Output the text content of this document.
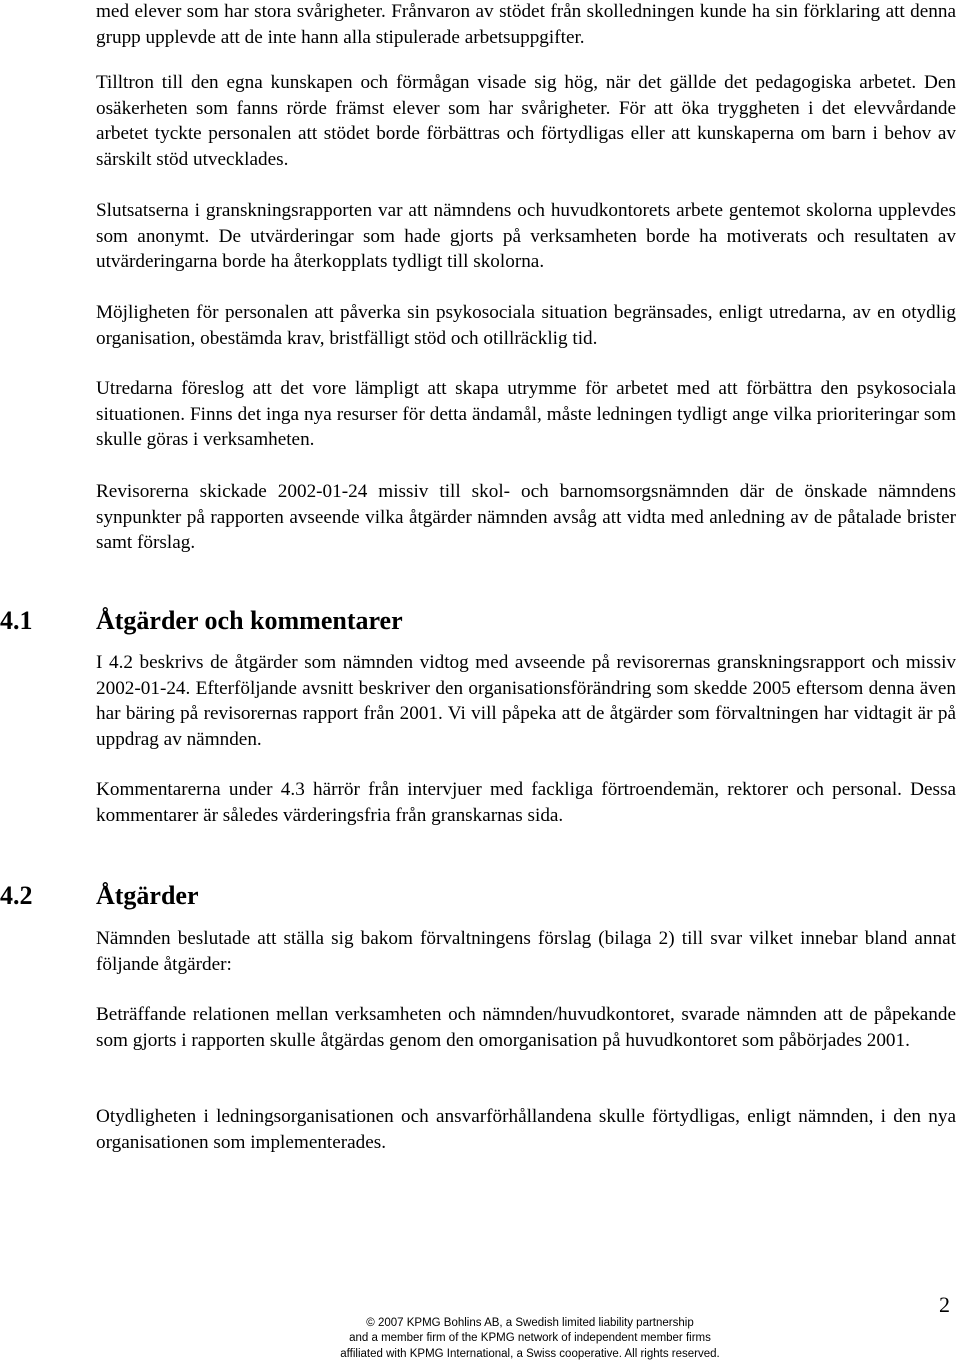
med elever som har stora svårigheter. Frånvaron av stödet från skolledningen kunde ha sin förklaring att denna grupp upplevde att de inte hann alla stipulerade arbetsuppgifter.

Tilltron till den egna kunskapen och förmågan visade sig hög, när det gällde det pedagogiska arbetet. Den osäkerheten som fanns rörde främst elever som har svårigheter. För att öka tryggheten i det elevvårdande arbetet tyckte personalen att stödet borde förbättras och förtydligas eller att kunskaperna om barn i behov av särskilt stöd utvecklades.

Slutsatserna i granskningsrapporten var att nämndens och huvudkontorets arbete gentemot skolorna upplevdes som anonymt. De utvärderingar som hade gjorts på verksamheten borde ha motiverats och resultaten av utvärderingarna borde ha återkopplats tydligt till skolorna.

Möjligheten för personalen att påverka sin psykosociala situation begränsades, enligt utredarna, av en otydlig organisation, obestämda krav, bristfälligt stöd och otillräcklig tid.

Utredarna föreslog att det vore lämpligt att skapa utrymme för arbetet med att förbättra den psykosociala situationen. Finns det inga nya resurser för detta ändamål, måste ledningen tydligt ange vilka prioriteringar som skulle göras i verksamheten.

Revisorerna skickade 2002-01-24 missiv till skol- och barnomsorgsnämnden där de önskade nämndens synpunkter på rapporten avseende vilka åtgärder nämnden avsåg att vidta med anledning av de påtalade brister samt förslag.

4.1 Åtgärder och kommentarer

I 4.2 beskrivs de åtgärder som nämnden vidtog med avseende på revisorernas granskningsrapport och missiv 2002-01-24. Efterföljande avsnitt beskriver den organisationsförändring som skedde 2005 eftersom denna även har bäring på revisorernas rapport från 2001. Vi vill påpeka att de åtgärder som förvaltningen har vidtagit är på uppdrag av nämnden.

Kommentarerna under 4.3 härrör från intervjuer med fackliga förtroendemän, rektorer och personal. Dessa kommentarer är således värderingsfria från granskarnas sida.

4.2 Åtgärder

Nämnden beslutade att ställa sig bakom förvaltningens förslag (bilaga 2) till svar vilket innebar bland annat följande åtgärder:

Beträffande relationen mellan verksamheten och nämnden/huvudkontoret, svarade nämnden att de påpekande som gjorts i rapporten skulle åtgärdas genom den omorganisation på huvudkontoret som påbörjades 2001.

Otydligheten i ledningsorganisationen och ansvarförhållandena skulle förtydligas, enligt nämnden, i den nya organisationen som implementerades.

2
© 2007 KPMG Bohlins AB, a Swedish limited liability partnership
and a member firm of the KPMG network of independent member firms
affiliated with KPMG International, a Swiss cooperative. All rights reserved.
